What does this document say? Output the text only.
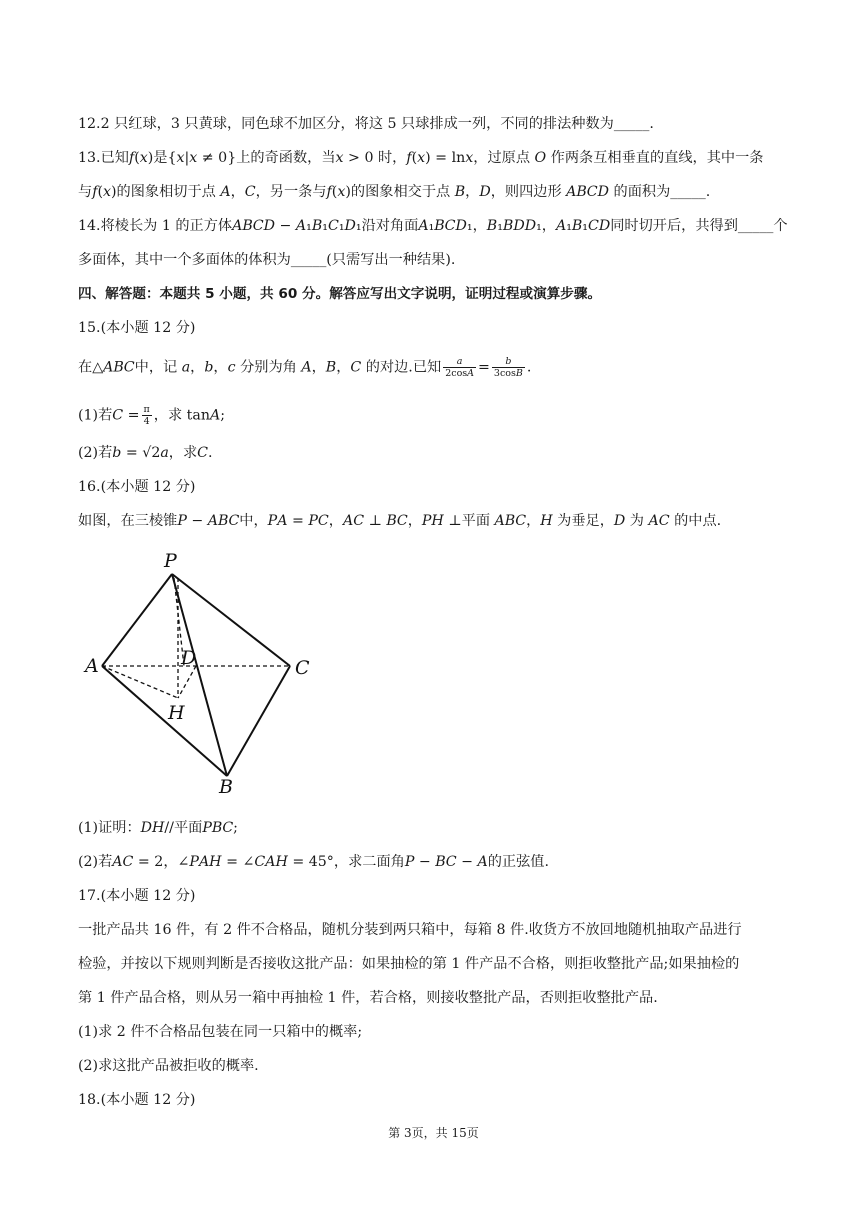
12.2 只红球，3 只黄球，同色球不加区分，将这 5 只球排成一列，不同的排法种数为_____.
13.已知𝑓(𝑥)是{𝑥|𝑥 ≠ 0}上的奇函数，当𝑥 > 0 时，𝑓(𝑥) = ln𝑥，过原点 𝑂 作两条互相垂直的直线，其中一条
与𝑓(𝑥)的图象相切于点 𝐴，𝐶，另一条与𝑓(𝑥)的图象相交于点 𝐵，𝐷，则四边形 𝐴𝐵𝐶𝐷 的面积为_____.
14.将棱长为 1 的正方体𝐴𝐵𝐶𝐷 − 𝐴₁𝐵₁𝐶₁𝐷₁沿对角面𝐴₁𝐵𝐶𝐷₁，𝐵₁𝐵𝐷𝐷₁，𝐴₁𝐵₁𝐶𝐷同时切开后，共得到_____个
多面体，其中一个多面体的体积为_____(只需写出一种结果).
四、解答题：本题共 5 小题，共 60 分。解答应写出文字说明，证明过程或演算步骤。
15.(本小题 12 分)
在△𝐴𝐵𝐶中，记 𝑎，𝑏，𝑐 分别为角 𝐴，𝐵，𝐶 的对边.已知 $\frac{\text{𝑎}}{\text{2cos𝐴}} = \frac{\text{𝑏}}{\text{3cos𝐵}}$ .
(1)若𝐶 = $\frac{\pi}{4}$ ，求 tan𝐴;
(2)若𝑏 = √2𝑎，求𝐶.
16.(本小题 12 分)
如图，在三棱锥𝑃 − 𝐴𝐵𝐶中，𝑃𝐴 = 𝑃𝐶，𝐴𝐶 ⊥ 𝐵𝐶，𝑃𝐻 ⊥平面 𝐴𝐵𝐶，𝐻 为垂足，𝐷 为 𝐴𝐶 的中点.
P
A	D	C
H
B
(1)证明：𝐷𝐻//平面𝑃𝐵𝐶;
(2)若𝐴𝐶 = 2，∠𝑃𝐴𝐻 = ∠𝐶𝐴𝐻 = 45°，求二面角𝑃 − 𝐵𝐶 − 𝐴的正弦值.
17.(本小题 12 分)
一批产品共 16 件，有 2 件不合格品，随机分装到两只箱中，每箱 8 件.收货方不放回地随机抽取产品进行
检验，并按以下规则判断是否接收这批产品：如果抽检的第 1 件产品不合格，则拒收整批产品;如果抽检的
第 1 件产品合格，则从另一箱中再抽检 1 件，若合格，则接收整批产品，否则拒收整批产品.
(1)求 2 件不合格品包装在同一只箱中的概率;
(2)求这批产品被拒收的概率.
18.(本小题 12 分)
第 3页，共 15页
